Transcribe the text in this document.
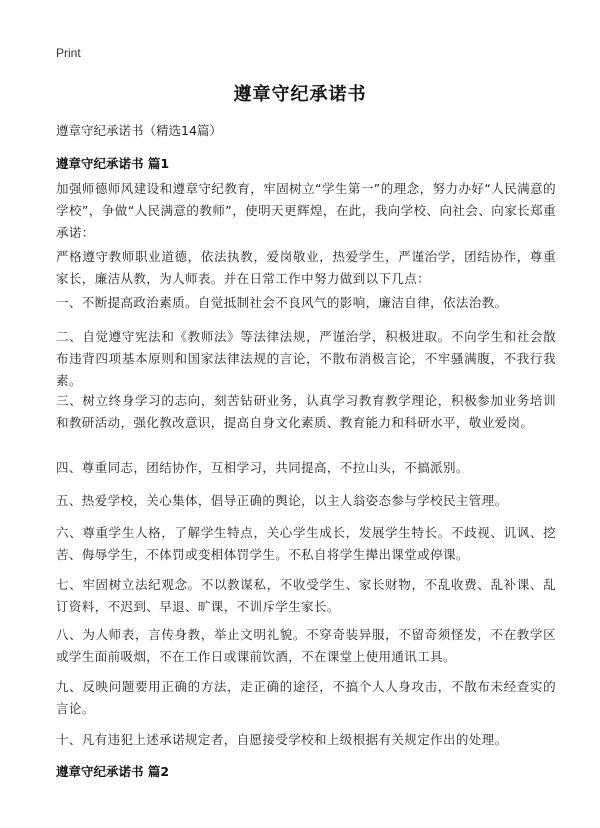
Print
遵章守纪承诺书
遵章守纪承诺书（精选14篇）
遵章守纪承诺书 篇1
加强师德师风建设和遵章守纪教育，牢固树立“学生第一”的理念，努力办好“人民满意的学校”，争做“人民满意的教师”，使明天更辉煌，在此，我向学校、向社会、向家长郑重承诺：
严格遵守教师职业道德，依法执教，爱岗敬业，热爱学生，严谨治学，团结协作，尊重家长，廉洁从教，为人师表。并在日常工作中努力做到以下几点：
一、不断提高政治素质。自觉抵制社会不良风气的影响，廉洁自律，依法治教。
二、自觉遵守宪法和《教师法》等法律法规，严谨治学，积极进取。不向学生和社会散布违背四项基本原则和国家法律法规的言论，不散布消极言论，不牢骚满腹，不我行我素。
三、树立终身学习的志向，刻苦钻研业务，认真学习教育教学理论，积极参加业务培训和教研活动，强化教改意识，提高自身文化素质、教育能力和科研水平，敬业爱岗。
四、尊重同志，团结协作，互相学习，共同提高，不拉山头，不搞派别。
五、热爱学校，关心集体，倡导正确的舆论，以主人翁姿态参与学校民主管理。
六、尊重学生人格，了解学生特点，关心学生成长，发展学生特长。不歧视、讥讽、挖苦、侮辱学生，不体罚或变相体罚学生。不私自将学生撵出课堂或停课。
七、牢固树立法纪观念。不以教谋私，不收受学生、家长财物，不乱收费、乱补课、乱订资料，不迟到、早退、旷课，不训斥学生家长。
八、为人师表，言传身教，举止文明礼貌。不穿奇装异服，不留奇须怪发，不在教学区或学生面前吸烟，不在工作日或课前饮酒，不在课堂上使用通讯工具。
九、反映问题要用正确的方法，走正确的途径，不搞个人人身攻击，不散布未经查实的言论。
十、凡有违犯上述承诺规定者，自愿接受学校和上级根据有关规定作出的处理。
遵章守纪承诺书 篇2
